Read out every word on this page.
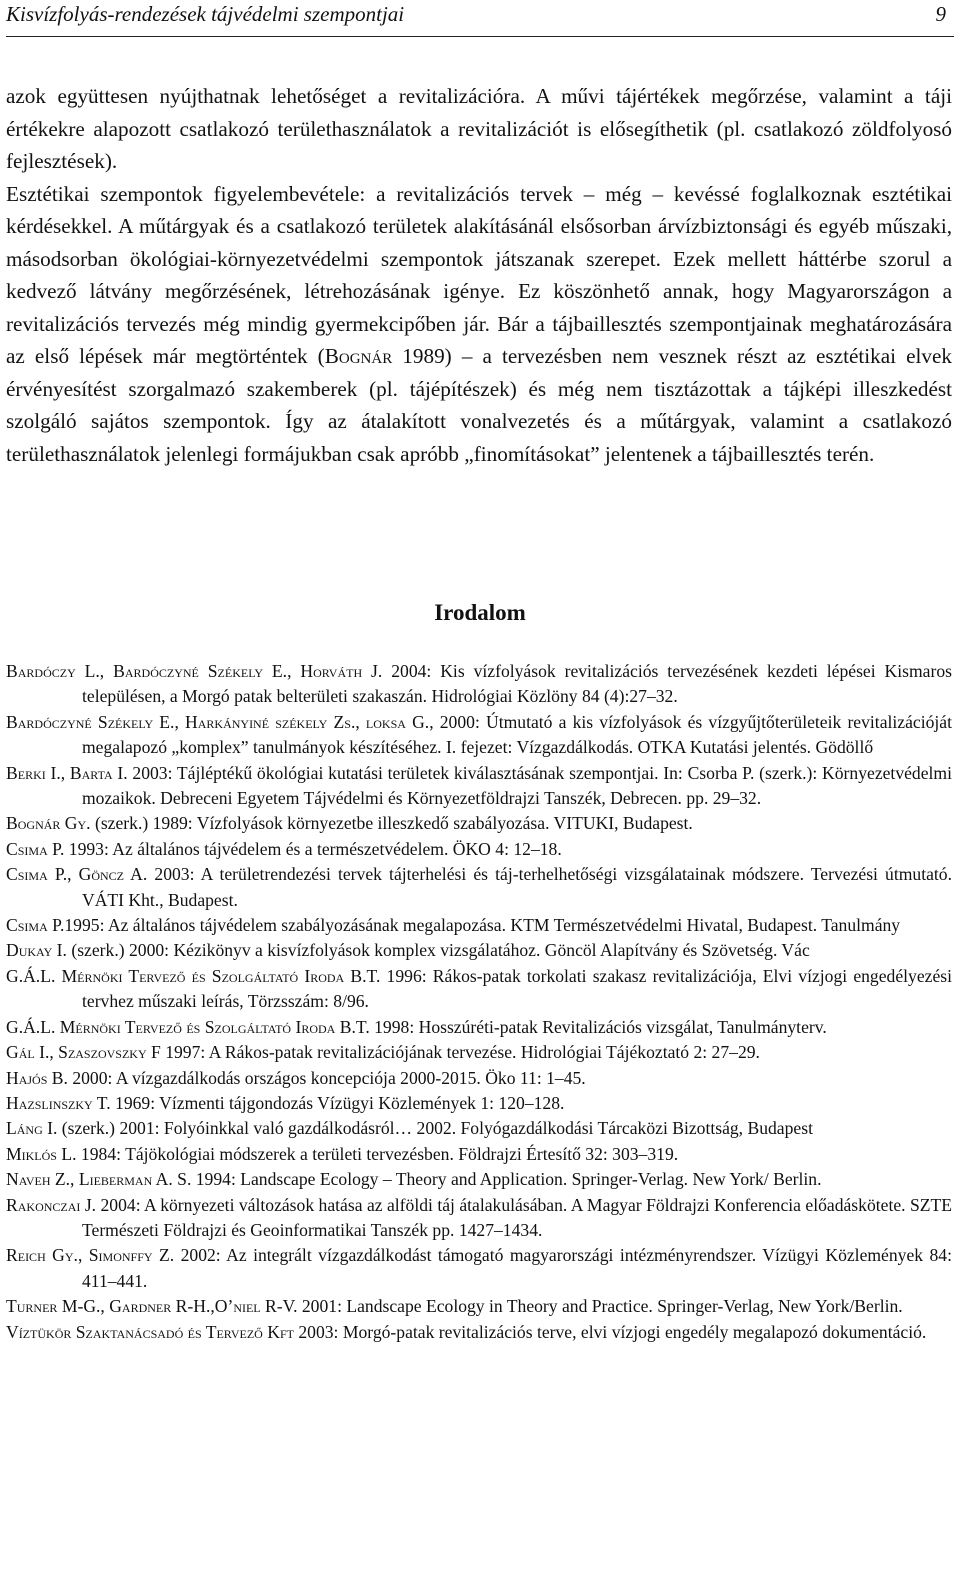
Kisvízfolyás-rendezések tájvédelmi szempontjai	9

azok együttesen nyújthatnak lehetőséget a revitalizációra. A művi tájértékek megőrzése, valamint a táji értékekre alapozott csatlakozó területhasználatok a revitalizációt is elősegíthetik (pl. csatlakozó zöldfolyosó fejlesztések).

Esztétikai szempontok figyelembevétele: a revitalizációs tervek – még – kevéssé foglalkoznak esztétikai kérdésekkel. A műtárgyak és a csatlakozó területek alakításánál elsősorban árvízbiztonsági és egyéb műszaki, másodsorban ökológiai-környezetvédelmi szempontok játszanak szerepet. Ezek mellett háttérbe szorul a kedvező látvány megőrzésének, létrehozásának igénye. Ez köszönhető annak, hogy Magyarországon a revitalizációs tervezés még mindig gyermekcipőben jár. Bár a tájbaillesztés szempontjainak meghatározására az első lépések már megtörténtek (Bognár 1989) – a tervezésben nem vesznek részt az esztétikai elvek érvényesítést szorgalmazó szakemberek (pl. tájépítészek) és még nem tisztázottak a tájképi illeszkedést szolgáló sajátos szempontok. Így az átalakított vonalvezetés és a műtárgyak, valamint a csatlakozó területhasználatok jelenlegi formájukban csak apróbb „finomításokat” jelentenek a tájbaillesztés terén.

Irodalom
Bardóczy L., Bardóczyné Székely E., Horváth J. 2004: Kis vízfolyások revitalizációs tervezésének kezdeti lépései Kismaros településen, a Morgó patak belterületi szakaszán. Hidrológiai Közlöny 84 (4):27–32.
Bardóczyné Székely E., Harkányiné székely Zs., loksa G., 2000: Útmutató a kis vízfolyások és vízgyűjtőterületeik revitalizációját megalapozó „komplex” tanulmányok készítéséhez. I. fejezet: Vízgazdálkodás. OTKA Kutatási jelentés. Gödöllő
Berki I., Barta I. 2003: Tájléptékű ökológiai kutatási területek kiválasztásának szempontjai. In: Csorba P. (szerk.): Környezetvédelmi mozaikok. Debreceni Egyetem Tájvédelmi és Környezetföldrajzi Tanszék, Debrecen. pp. 29–32.
Bognár Gy. (szerk.) 1989: Vízfolyások környezetbe illeszkedő szabályozása. VITUKI, Budapest.
Csima P. 1993: Az általános tájvédelem és a természetvédelem. ÖKO 4: 12–18.
Csima P., Göncz A. 2003: A területrendezési tervek tájterhelési és táj-terhelhetőségi vizsgálatainak módszere. Tervezési útmutató. VÁTI Kht., Budapest.
Csima P.1995: Az általános tájvédelem szabályozásának megalapozása. KTM Természetvédelmi Hivatal, Budapest. Tanulmány
Dukay I. (szerk.) 2000: Kézikönyv a kisvízfolyások komplex vizsgálatához. Göncöl Alapítvány és Szövetség. Vác
G.Á.L. Mérnöki Tervező és Szolgáltató Iroda B.T. 1996: Rákos-patak torkolati szakasz revitalizációja, Elvi vízjogi engedélyezési tervhez műszaki leírás, Törzsszám: 8/96.
G.Á.L. Mérnöki Tervező és Szolgáltató Iroda B.T. 1998: Hosszúréti-patak Revitalizációs vizsgálat, Tanulmányterv.
Gál I., Szaszovszky F 1997: A Rákos-patak revitalizációjának tervezése. Hidrológiai Tájékoztató 2: 27–29.
Hajós B. 2000: A vízgazdálkodás országos koncepciója 2000-2015. Öko 11: 1–45.
Hazslinszky T. 1969: Vízmenti tájgondozás Vízügyi Közlemények 1: 120–128.
Láng I. (szerk.) 2001: Folyóinkkal való gazdálkodásról… 2002. Folyógazdálkodási Tárcaközi Bizottság, Budapest
Miklós L. 1984: Tájökológiai módszerek a területi tervezésben. Földrajzi Értesítő 32: 303–319.
Naveh Z., Lieberman A. S. 1994: Landscape Ecology – Theory and Application. Springer-Verlag. New York/ Berlin.
Rakonczai J. 2004: A környezeti változások hatása az alföldi táj átalakulásában. A Magyar Földrajzi Konferencia előadáskötete. SZTE Természeti Földrajzi és Geoinformatikai Tanszék pp. 1427–1434.
Reich Gy., Simonffy Z. 2002: Az integrált vízgazdálkodást támogató magyarországi intézményrendszer. Vízügyi Közlemények 84: 411–441.
Turner M-G., Gardner R-H.,O’niel R-V. 2001: Landscape Ecology in Theory and Practice. Springer-Verlag, New York/Berlin.
Víztükör Szaktanácsadó és Tervező Kft 2003: Morgó-patak revitalizációs terve, elvi vízjogi engedély megalapozó dokumentáció.
